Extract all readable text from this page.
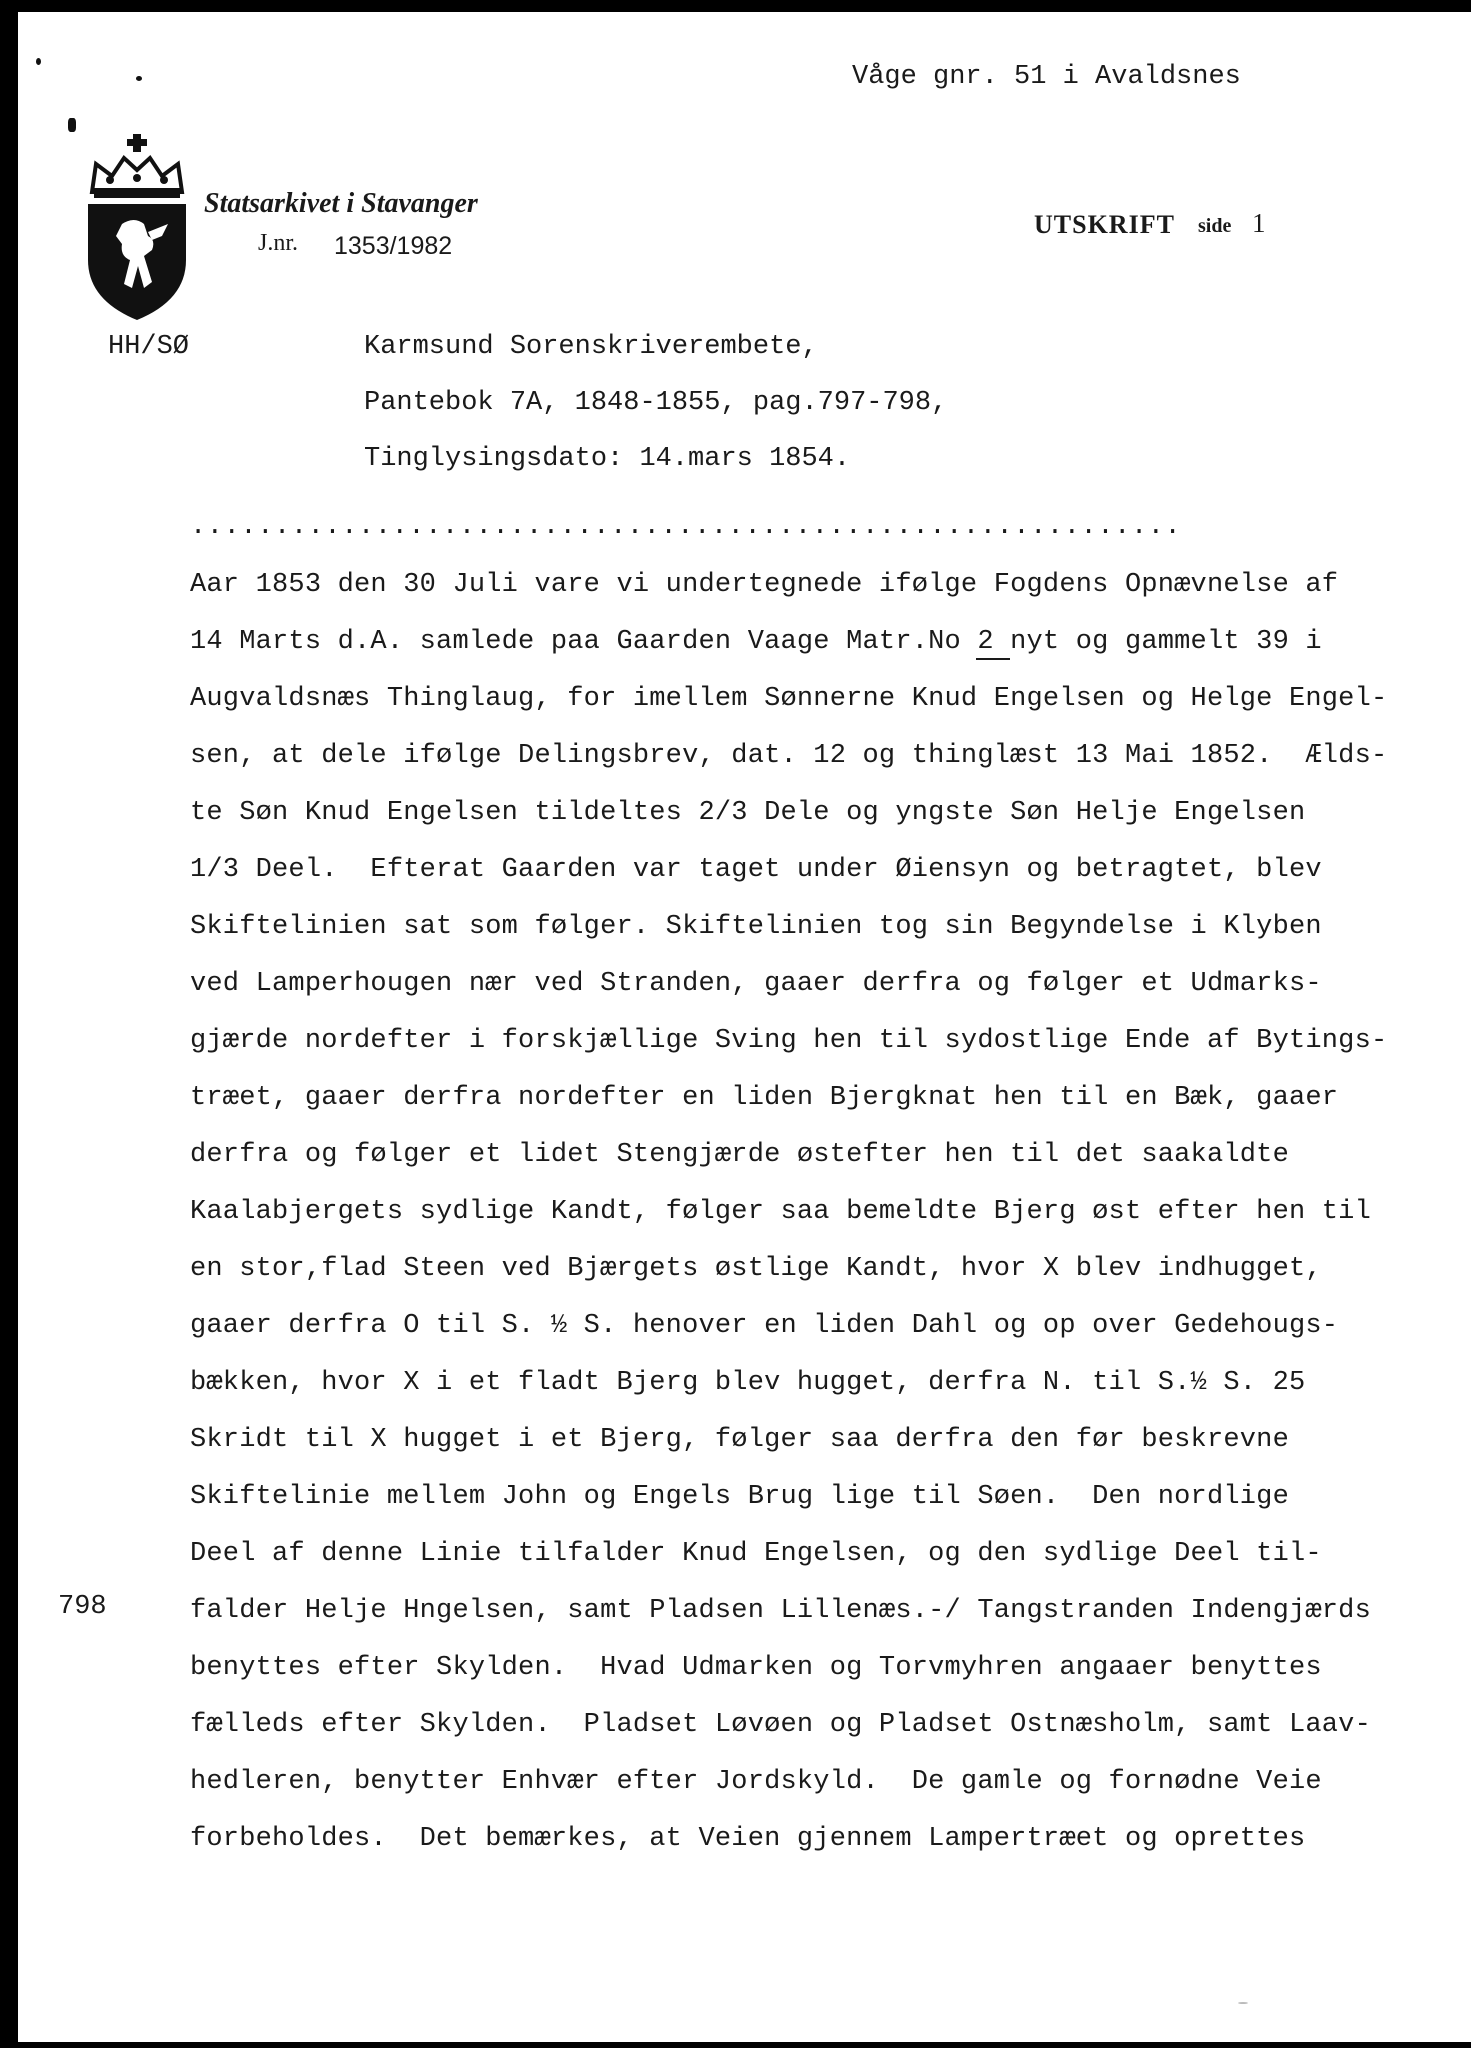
Våge gnr. 51 i Avaldsnes
Statsarkivet i Stavanger
J.nr. 1353/1982
UTSKRIFT side 1
HH/SØ	Karmsund Sorenskriverembete,
Pantebok 7A, 1848-1855, pag.797-798,
Tinglysingsdato: 14.mars 1854.
...........................................................
798
Aar 1853 den 30 Juli vare vi undertegnede ifølge Fogdens Opnævnelse af
14 Marts d.A. samlede paa Gaarden Vaage Matr.No 2 nyt og gammelt 39 i
Augvaldsnæs Thinglaug, for imellem Sønnerne Knud Engelsen og Helge Engel-
sen, at dele ifølge Delingsbrev, dat. 12 og thinglæst 13 Mai 1852.  Ælds-
te Søn Knud Engelsen tildeltes 2/3 Dele og yngste Søn Helje Engelsen
1/3 Deel.  Efterat Gaarden var taget under Øiensyn og betragtet, blev
Skiftelinien sat som følger. Skiftelinien tog sin Begyndelse i Klyben
ved Lamperhougen nær ved Stranden, gaaer derfra og følger et Udmarks-
gjærde nordefter i forskjællige Sving hen til sydostlige Ende af Bytings-
træet, gaaer derfra nordefter en liden Bjergknat hen til en Bæk, gaaer
derfra og følger et lidet Stengjærde østefter hen til det saakaldte
Kaalabjergets sydlige Kandt, følger saa bemeldte Bjerg øst efter hen til
en stor,flad Steen ved Bjærgets østlige Kandt, hvor X blev indhugget,
gaaer derfra O til S. ½ S. henover en liden Dahl og op over Gedehougs-
bækken, hvor X i et fladt Bjerg blev hugget, derfra N. til S.½ S. 25
Skridt til X hugget i et Bjerg, følger saa derfra den før beskrevne
Skiftelinie mellem John og Engels Brug lige til Søen.  Den nordlige
Deel af denne Linie tilfalder Knud Engelsen, og den sydlige Deel til-
falder Helje Hngelsen, samt Pladsen Lillenæs.-/ Tangstranden Indengjærds
benyttes efter Skylden.  Hvad Udmarken og Torvmyhren angaaer benyttes
fælleds efter Skylden.  Pladset Løvøen og Pladset Ostnæsholm, samt Laav-
hedleren, benytter Enhvær efter Jordskyld.  De gamle og fornødne Veie
forbeholdes.  Det bemærkes, at Veien gjennem Lampertræet og oprettes
